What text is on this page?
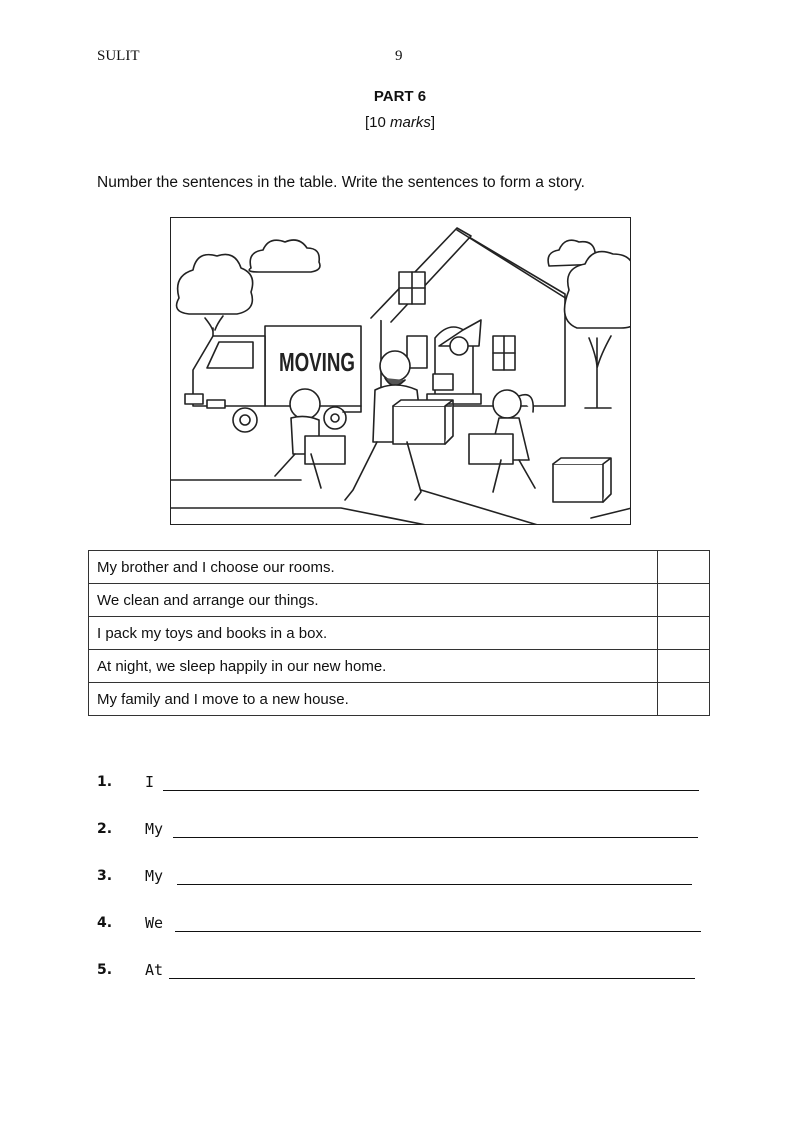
SULIT	9
PART 6
[10 marks]
Number the sentences in the table. Write the sentences to form a story.
MOVING
My brother and I choose our rooms.	
We clean and arrange our things.	
I pack my toys and books in a box.	
At night, we sleep happily in our new home.	
My family and I move to a new house.	
1. I
2. My
3. My
4. We
5. At
